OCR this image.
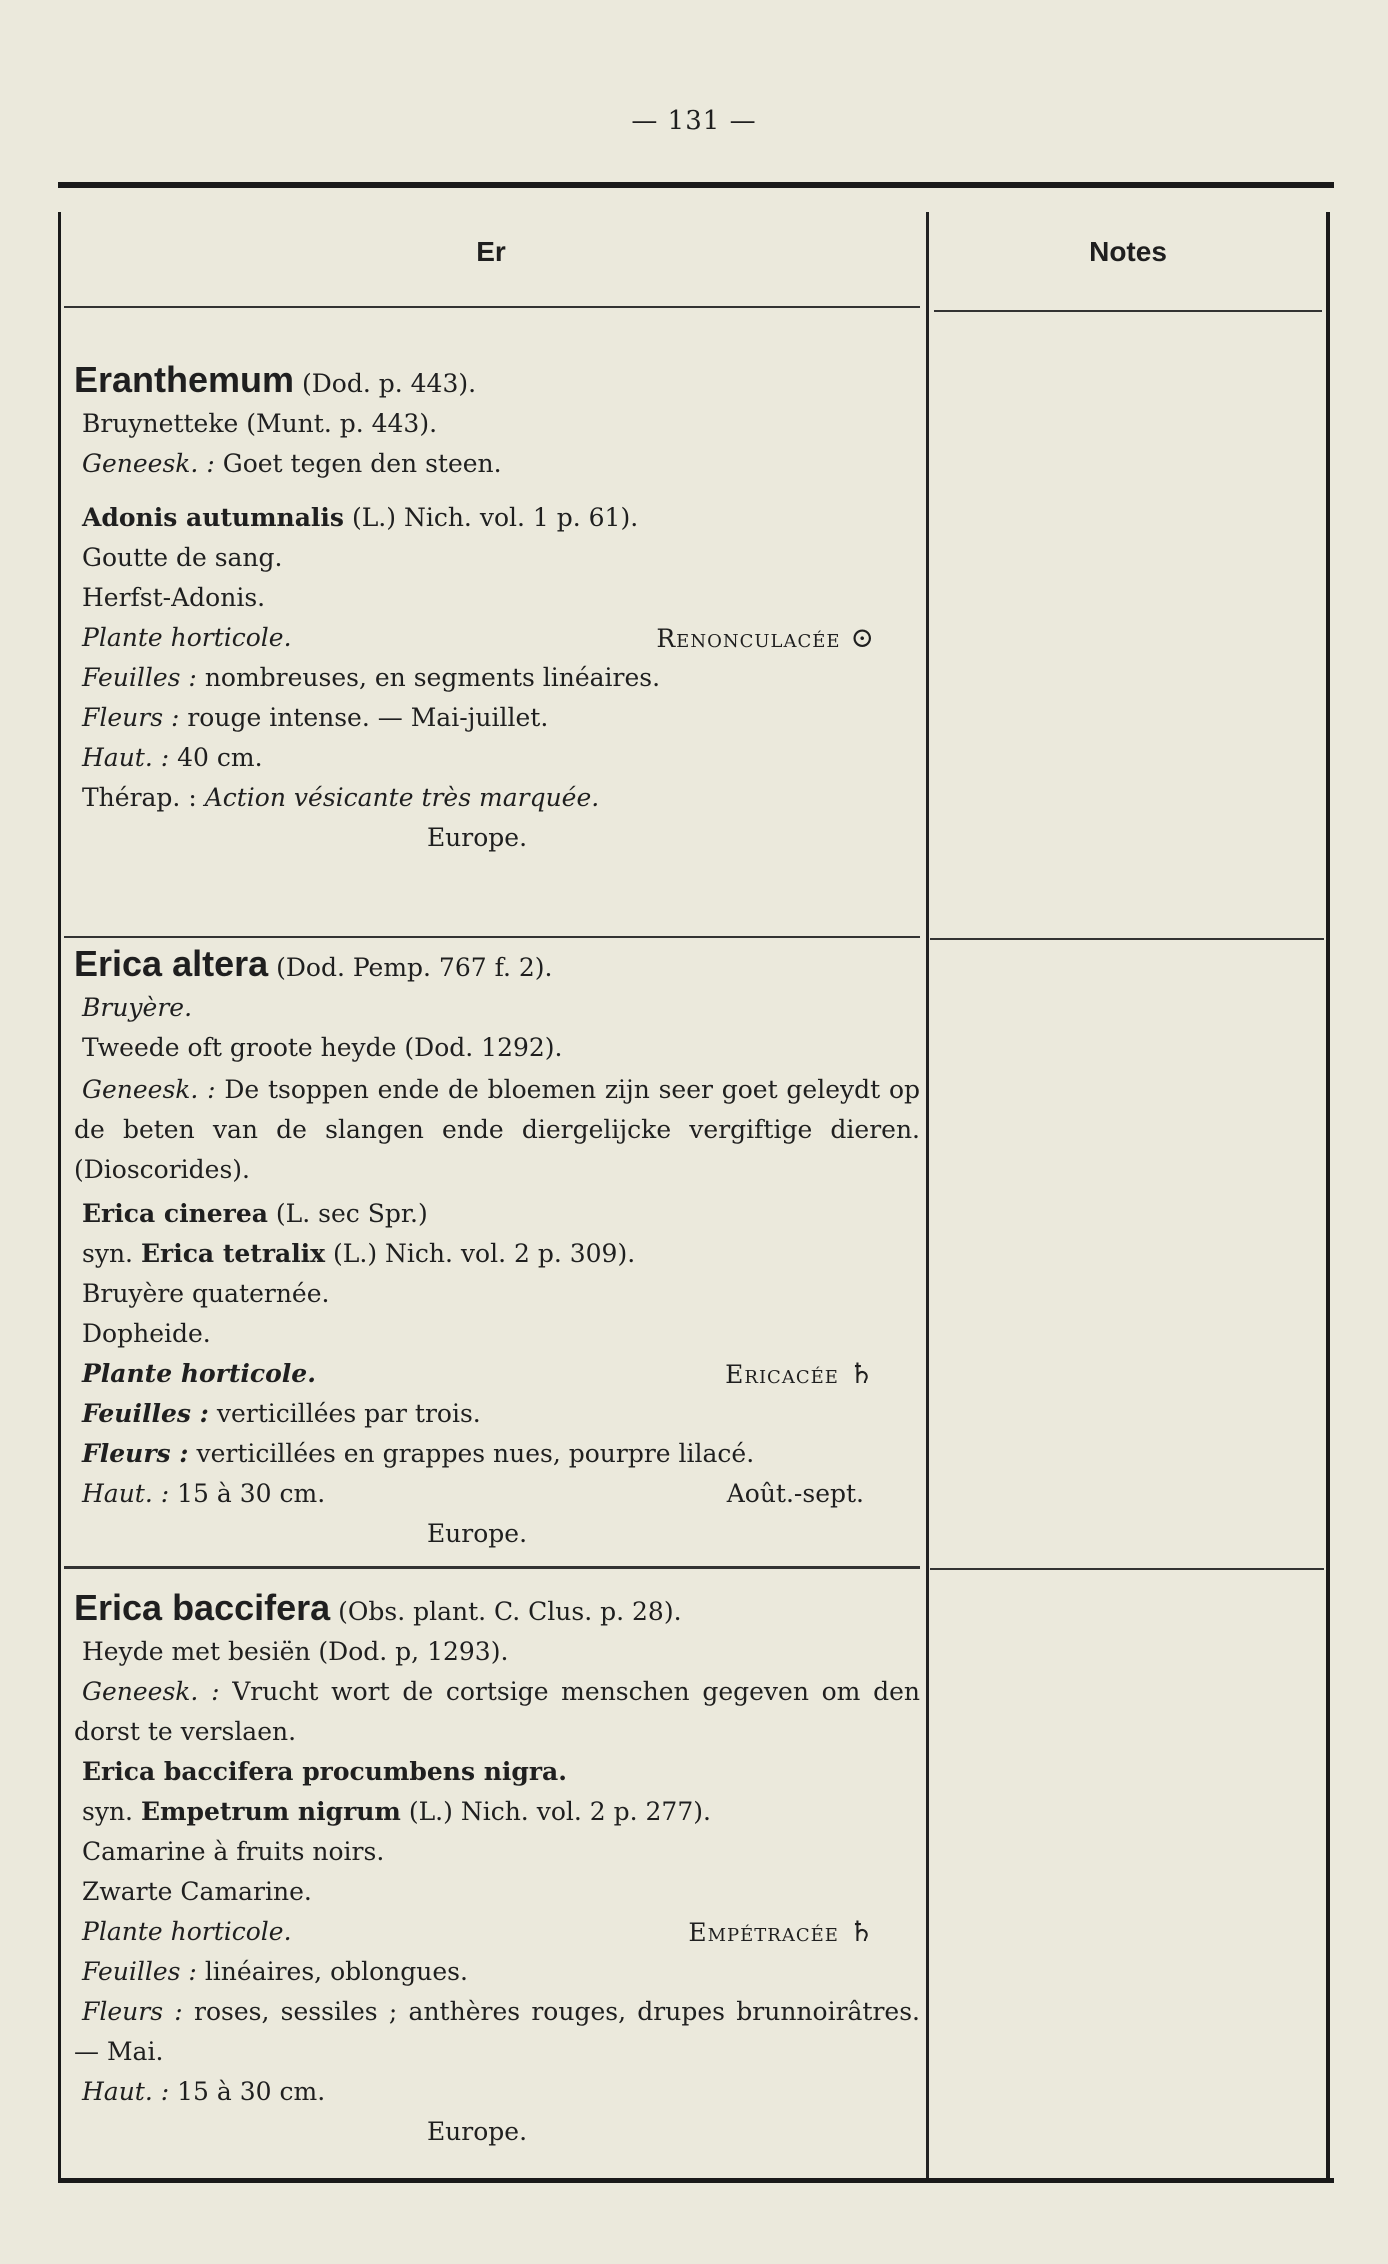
— 131 —
Er	Notes
Eranthemum (Dod. p. 443).
Bruynetteke (Munt. p. 443).
Geneesk. : Goet tegen den steen.
Adonis autumnalis (L.) Nich. vol. 1 p. 61).
Goutte de sang.
Herfst-Adonis.
Plante horticole.	Renonculacée ⊙
Feuilles : nombreuses, en segments linéaires.
Fleurs : rouge intense. — Mai-juillet.
Haut. : 40 cm.
Thérap. : Action vésicante très marquée.
Europe.
Erica altera (Dod. Pemp. 767 f. 2).
Bruyère.
Tweede oft groote heyde (Dod. 1292).
Geneesk. : De tsoppen ende de bloemen zijn seer goet geleydt op de beten van de slangen ende diergelijcke vergiftige dieren. (Dioscorides).
Erica cinerea (L. sec Spr.)
syn. Erica tetralix (L.) Nich. vol. 2 p. 309).
Bruyère quaternée.
Dopheide.
Plante horticole.	Ericacée ♄
Feuilles : verticillées par trois.
Fleurs : verticillées en grappes nues, pourpre lilacé.
Haut. : 15 à 30 cm.	Août.-sept.
Europe.
Erica baccifera (Obs. plant. C. Clus. p. 28).
Heyde met besiën (Dod. p, 1293).
Geneesk. : Vrucht wort de cortsige menschen gegeven om den dorst te verslaen.
Erica baccifera procumbens nigra.
syn. Empetrum nigrum (L.) Nich. vol. 2 p. 277).
Camarine à fruits noirs.
Zwarte Camarine.
Plante horticole.	Empétracée ♄
Feuilles : linéaires, oblongues.
Fleurs : roses, sessiles ; anthères rouges, drupes brunnoirâtres. — Mai.
Haut. : 15 à 30 cm.
Europe.
